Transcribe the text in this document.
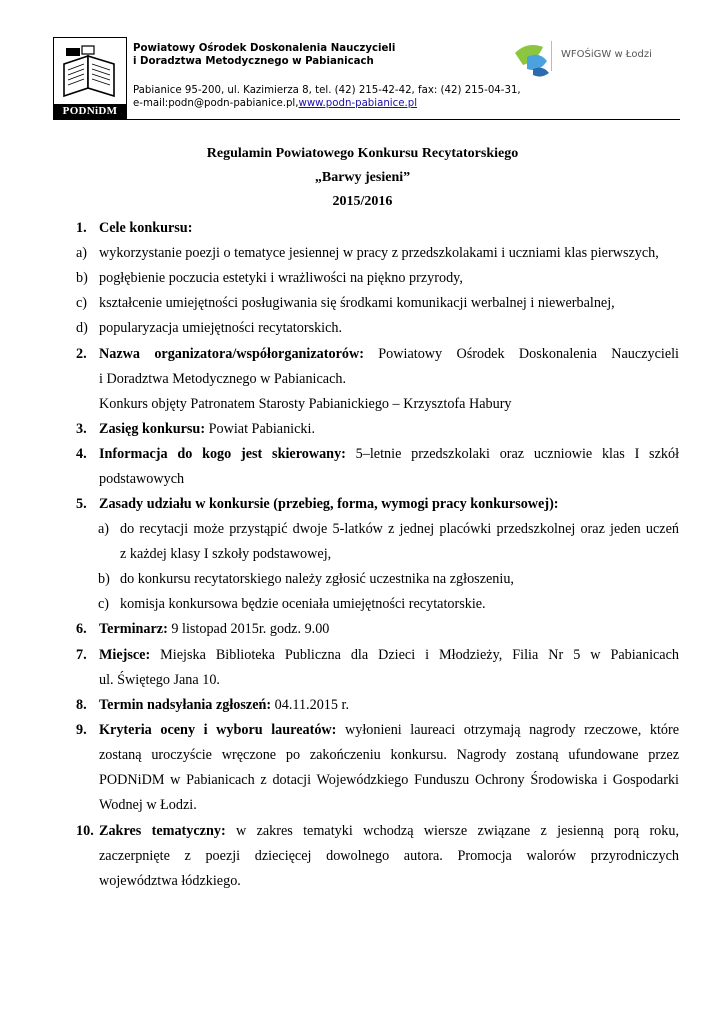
PODNiDM
Powiatowy Ośrodek Doskonalenia Nauczycieli
i Doradztwa Metodycznego w Pabianicach
Pabianice 95-200, ul. Kazimierza 8, tel. (42) 215-42-42, fax: (42) 215-04-31,
e-mail:podn@podn-pabianice.pl,www.podn-pabianice.pl
WFOŚiGW w Łodzi
Regulamin Powiatowego Konkursu Recytatorskiego
„Barwy jesieni”
2015/2016
1. Cele konkursu:
a) wykorzystanie poezji o tematyce jesiennej w pracy z przedszkolakami i uczniami klas pierwszych,
b) pogłębienie poczucia estetyki i wrażliwości na piękno przyrody,
c) kształcenie umiejętności posługiwania się środkami komunikacji werbalnej i niewerbalnej,
d) popularyzacja umiejętności recytatorskich.
2. Nazwa organizatora/współorganizatorów: Powiatowy Ośrodek Doskonalenia Nauczycieli
i Doradztwa Metodycznego w Pabianicach.
Konkurs objęty Patronatem Starosty Pabianickiego – Krzysztofa Habury
3. Zasięg konkursu: Powiat Pabianicki.
4. Informacja do kogo jest skierowany: 5–letnie przedszkolaki oraz uczniowie klas I szkół
podstawowych
5. Zasady udziału w konkursie (przebieg, forma, wymogi pracy konkursowej):
a) do recytacji może przystąpić dwoje 5-latków z jednej placówki przedszkolnej oraz jeden uczeń
z każdej klasy I szkoły podstawowej,
b) do konkursu recytatorskiego należy zgłosić uczestnika na zgłoszeniu,
c) komisja konkursowa będzie oceniała umiejętności recytatorskie.
6. Terminarz: 9 listopad 2015r. godz. 9.00
7. Miejsce: Miejska Biblioteka Publiczna dla Dzieci i Młodzieży, Filia Nr 5 w Pabianicach
ul. Świętego Jana 10.
8. Termin nadsyłania zgłoszeń: 04.11.2015 r.
9. Kryteria oceny i wyboru laureatów: wyłonieni laureaci otrzymają nagrody rzeczowe, które
zostaną uroczyście wręczone po zakończeniu konkursu. Nagrody zostaną ufundowane przez
PODNiDM w Pabianicach z dotacji Wojewódzkiego Funduszu Ochrony Środowiska i Gospodarki
Wodnej w Łodzi.
10. Zakres tematyczny: w zakres tematyki wchodzą wiersze związane z jesienną porą roku,
zaczerpnięte z poezji dziecięcej dowolnego autora. Promocja walorów przyrodniczych
województwa łódzkiego.
